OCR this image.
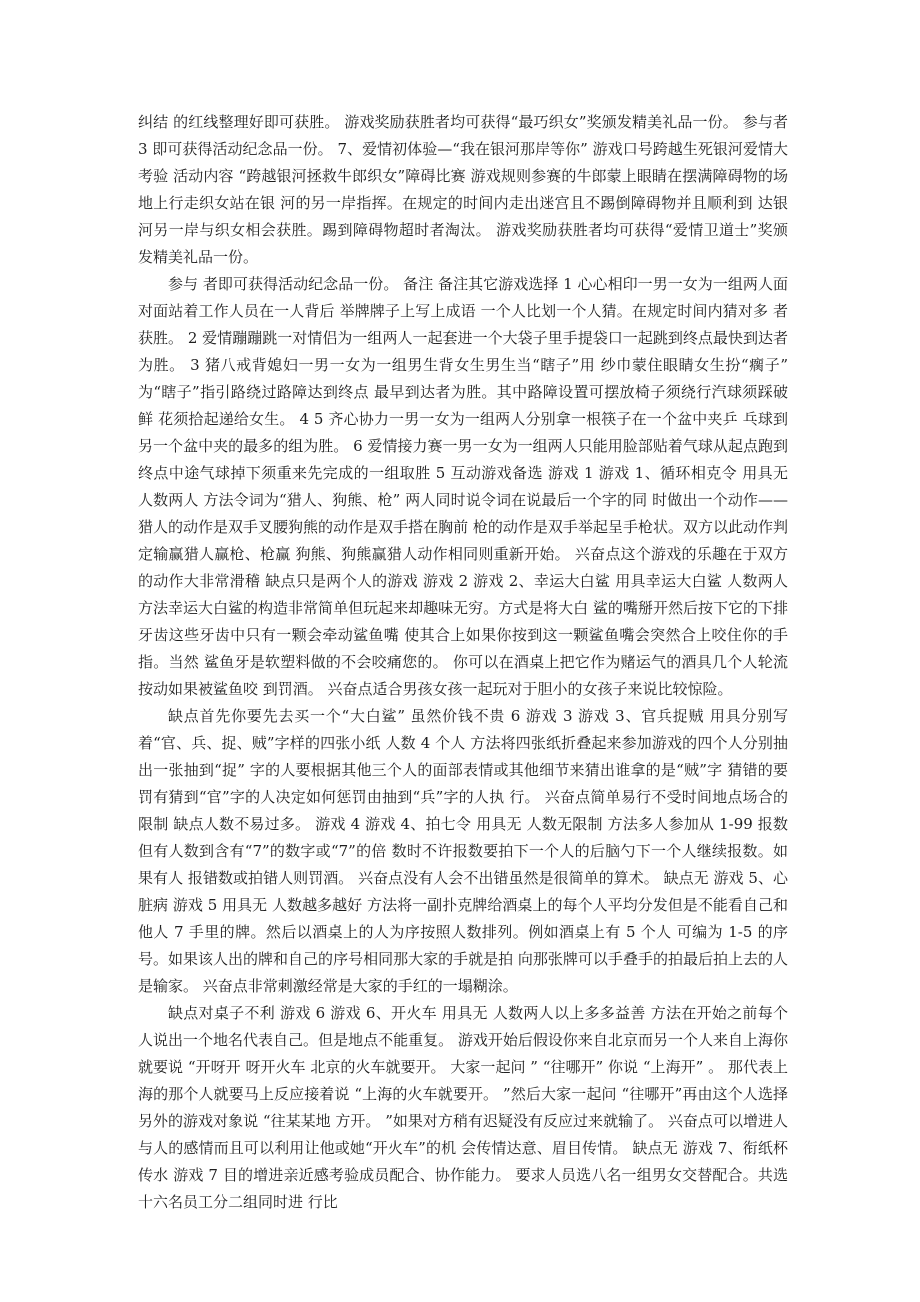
纠结 的红线整理好即可获胜。 游戏奖励获胜者均可获得“最巧织女”奖颁发精美礼品一份。 参与者 3 即可获得活动纪念品一份。 7、爱情初体验—“我在银河那岸等你” 游戏口号跨越生死银河爱情大考验 活动内容 “跨越银河拯救牛郎织女”障碍比赛 游戏规则参赛的牛郎蒙上眼睛在摆满障碍物的场地上行走织女站在银 河的另一岸指挥。在规定的时间内走出迷宫且不踢倒障碍物并且顺利到 达银河另一岸与织女相会获胜。踢到障碍物超时者淘汰。 游戏奖励获胜者均可获得“爱情卫道士”奖颁发精美礼品一份。

参与 者即可获得活动纪念品一份。 备注 备注其它游戏选择 1 心心相印一男一女为一组两人面对面站着工作人员在一人背后 举牌牌子上写上成语 一个人比划一个人猜。在规定时间内猜对多 者获胜。 2 爱情蹦蹦跳一对情侣为一组两人一起套进一个大袋子里手提袋口一起跳到终点最快到达者为胜。 3 猪八戒背媳妇一男一女为一组男生背女生男生当“瞎子”用 纱巾蒙住眼睛女生扮“瘸子” 为“瞎子”指引路绕过路障达到终点 最早到达者为胜。其中路障设置可摆放椅子须绕行汽球须踩破鲜 花须拾起递给女生。 4 5 齐心协力一男一女为一组两人分别拿一根筷子在一个盆中夹乒 乓球到另一个盆中夹的最多的组为胜。 6 爱情接力赛一男一女为一组两人只能用脸部贴着气球从起点跑到 终点中途气球掉下须重来先完成的一组取胜 5 互动游戏备选 游戏 1 游戏 1、循环相克令 用具无 人数两人 方法令词为“猎人、狗熊、枪” 两人同时说令词在说最后一个字的同 时做出一个动作——猎人的动作是双手叉腰狗熊的动作是双手搭在胸前 枪的动作是双手举起呈手枪状。双方以此动作判定输赢猎人赢枪、枪赢 狗熊、狗熊赢猎人动作相同则重新开始。 兴奋点这个游戏的乐趣在于双方的动作大非常滑稽 缺点只是两个人的游戏 游戏 2 游戏 2、幸运大白鲨 用具幸运大白鲨 人数两人 方法幸运大白鲨的构造非常简单但玩起来却趣味无穷。方式是将大白 鲨的嘴掰开然后按下它的下排牙齿这些牙齿中只有一颗会牵动鲨鱼嘴 使其合上如果你按到这一颗鲨鱼嘴会突然合上咬住你的手指。当然 鲨鱼牙是软塑料做的不会咬痛您的。 你可以在酒桌上把它作为赌运气的酒具几个人轮流按动如果被鲨鱼咬 到罚酒。 兴奋点适合男孩女孩一起玩对于胆小的女孩子来说比较惊险。

缺点首先你要先去买一个“大白鲨” 虽然价钱不贵 6 游戏 3 游戏 3、官兵捉贼 用具分别写着“官、兵、捉、贼”字样的四张小纸 人数 4 个人 方法将四张纸折叠起来参加游戏的四个人分别抽出一张抽到“捉” 字的人要根据其他三个人的面部表情或其他细节来猜出谁拿的是“贼”字 猜错的要罚有猜到“官”字的人决定如何惩罚由抽到“兵”字的人执 行。 兴奋点简单易行不受时间地点场合的限制 缺点人数不易过多。 游戏 4 游戏 4、拍七令 用具无 人数无限制 方法多人参加从 1-99 报数但有人数到含有“7”的数字或“7”的倍 数时不许报数要拍下一个人的后脑勺下一个人继续报数。如果有人 报错数或拍错人则罚酒。 兴奋点没有人会不出错虽然是很简单的算术。 缺点无 游戏 5、心脏病 游戏 5 用具无 人数越多越好 方法将一副扑克牌给酒桌上的每个人平均分发但是不能看自己和他人 7 手里的牌。然后以酒桌上的人为序按照人数排列。例如酒桌上有 5 个人 可编为 1-5 的序号。如果该人出的牌和自己的序号相同那大家的手就是拍 向那张牌可以手叠手的拍最后拍上去的人是输家。 兴奋点非常刺激经常是大家的手红的一塌糊涂。

缺点对桌子不利 游戏 6 游戏 6、开火车 用具无 人数两人以上多多益善 方法在开始之前每个人说出一个地名代表自己。但是地点不能重复。 游戏开始后假设你来自北京而另一个人来自上海你就要说 “开呀开 呀开火车 北京的火车就要开。 大家一起问 ” “往哪开” 你说 “上海开” 。 那代表上海的那个人就要马上反应接着说 “上海的火车就要开。 ”然后大家一起问 “往哪开”再由这个人选择另外的游戏对象说 “往某某地 方开。 ”如果对方稍有迟疑没有反应过来就输了。 兴奋点可以增进人与人的感情而且可以利用让他或她“开火车”的机 会传情达意、眉目传情。 缺点无 游戏 7、衔纸杯传水 游戏 7 目的增进亲近感考验成员配合、协作能力。 要求人员选八名一组男女交替配合。共选十六名员工分二组同时进 行比
